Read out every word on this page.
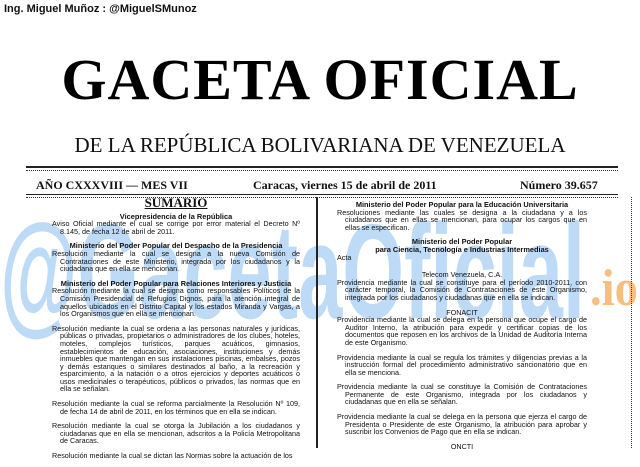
@GacetaOficial .io
Ing. Miguel Muñoz : @MiguelSMunoz
GACETA OFICIAL
DE LA REPÚBLICA BOLIVARIANA DE VENEZUELA
AÑO CXXXVIII — MES VII	Caracas, viernes 15 de abril de 2011	Número 39.657
SUMARIO
Vicepresidencia de la República

Aviso Oficial mediante el cual se corrige por error material el Decreto Nº 8.145, de fecha 12 de abril de 2011.

Ministerio del Poder Popular del Despacho de la Presidencia

Resolución mediante la cual se designa a la nueva Comisión de Contrataciones de este Ministerio, integrada por los ciudadanos y la ciudadana que en ella se mencionan.

Ministerio del Poder Popular para Relaciones Interiores y Justicia

Resolución mediante la cual se designa como responsables Políticos de la Comisión Presidencial de Refugios Dignos, para la atención integral de aquellos ubicados en el Distrito Capital y los estados Miranda y Vargas, a los Organismos que en ella se mencionan.

Resolución mediante la cual se ordena a las personas naturales y jurídicas, públicas o privadas, propietarios o administradores de los clubes, hoteles, moteles, complejos turísticos, parques acuáticos, gimnasios, establecimientos de educación, asociaciones, instituciones y demás inmuebles que mantengan en sus instalaciones piscinas, embalses, pozos y demás estanques o similares destinados al baño, a la recreación y esparcimiento, a la natación o a otros ejercicios y deportes acuáticos o usos medicinales o terapéuticos, públicos o privados, las normas que en ella se señalan.

Resolución mediante la cual se reforma parcialmente la Resolución Nº 109, de fecha 14 de abril de 2011, en los términos que en ella se indican.

Resolución mediante la cual se otorga la Jubilación a los ciudadanos y ciudadanas que en ella se mencionan, adscritos a la Policía Metropolitana de Caracas.

Resolución mediante la cual se dictan las Normas sobre la actuación de los

Ministerio del Poder Popular para la Educación Universitaria

Resoluciones mediante las cuales se designa a la ciudadana y a los ciudadanos que en ellas se mencionan, para ocupar los cargos que en ellas se especifican.

Ministerio del Poder Popular
para Ciencia, Tecnología e Industrias Intermedias
Acta
Telecom Venezuela, C.A.

Providencia mediante la cual se constituye para el período 2010-2011, con carácter temporal, la Comisión de Contrataciones de este Organismo, integrada por los ciudadanos y ciudadanas que en ella se indican.

FONACIT

Providencia mediante la cual se delega en la persona que ocupe el cargo de Auditor Interno, la atribución para expedir y certificar copias de los documentos que reposen en los archivos de la Unidad de Auditoría Interna de este Organismo.

Providencia mediante la cual se regula los trámites y diligencias previas a la instrucción formal del procedimiento administrativo sancionatorio que en ella se menciona.

Providencia mediante la cual se constituye la Comisión de Contrataciones Permanente de este Organismo, integrada por los ciudadanos y ciudadanas que en ella se señalan.

Providencia mediante la cual se delega en la persona que ejerza el cargo de Presidenta o Presidente de este Organismo, la atribución para aprobar y suscribir los Convenios de Pago que en ella se indican.

ONCTI
